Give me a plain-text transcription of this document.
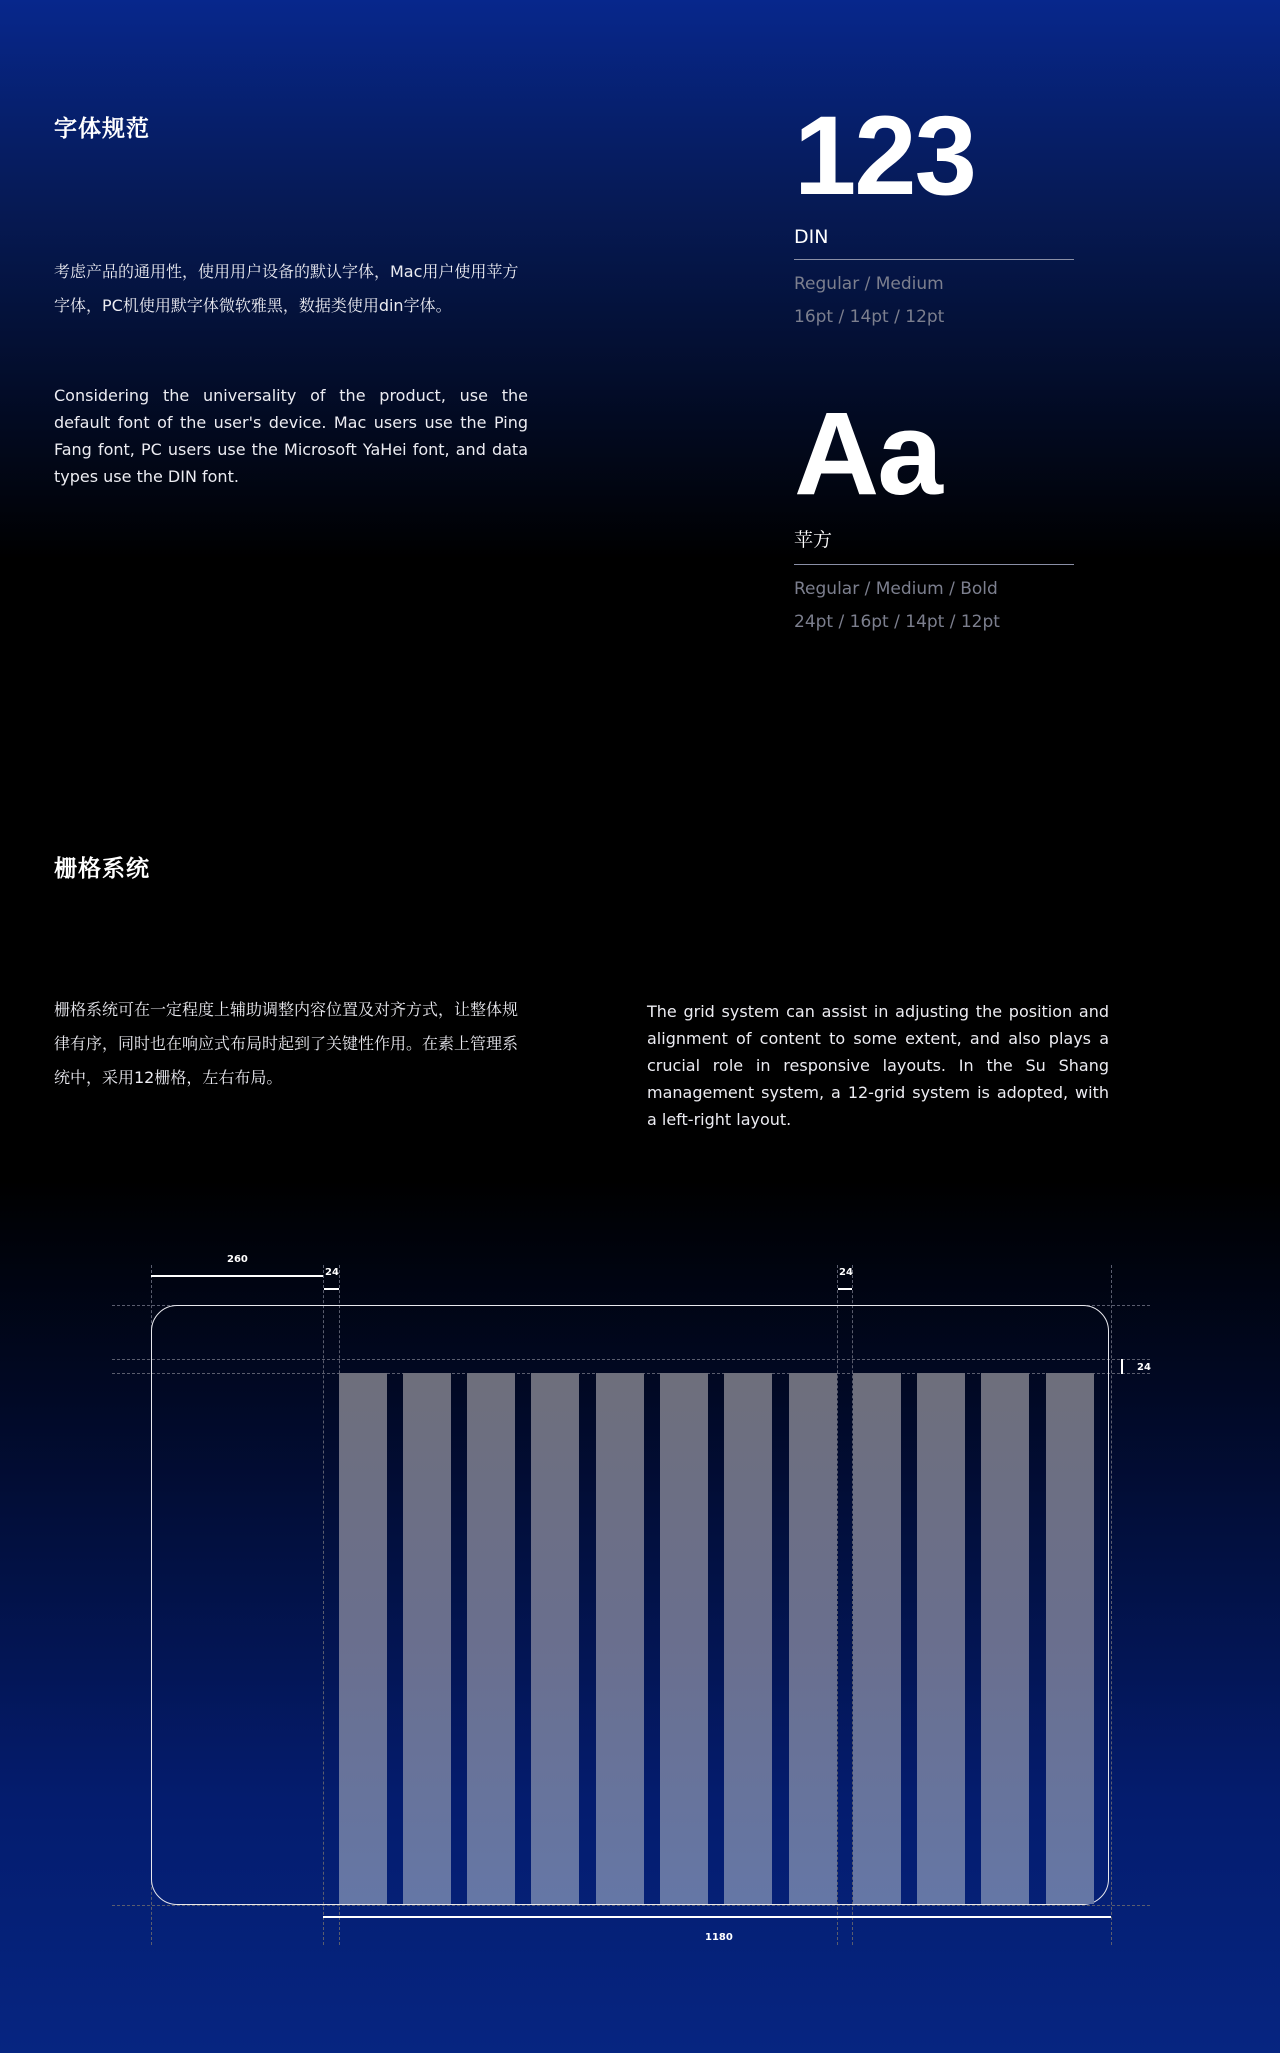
字体规范
考虑产品的通用性，使用用户设备的默认字体，Mac用户使用苹方字体，PC机使用默字体微软雅黑，数据类使用din字体。
Considering the universality of the product, use the default font of the user's device. Mac users use the Ping Fang font, PC users use the Microsoft YaHei font, and data types use the DIN font.
123
DIN
Regular / Medium
16pt / 14pt / 12pt
Aa
苹方
Regular / Medium / Bold
24pt / 16pt / 14pt / 12pt
栅格系统
栅格系统可在一定程度上辅助调整内容位置及对齐方式，让整体规律有序，同时也在响应式布局时起到了关键性作用。在素上管理系统中，采用12栅格，左右布局。
The grid system can assist in adjusting the position and alignment of content to some extent, and also plays a crucial role in responsive layouts. In the Su Shang management system, a 12-grid system is adopted, with a left-right layout.
260
24	24
24
1180
